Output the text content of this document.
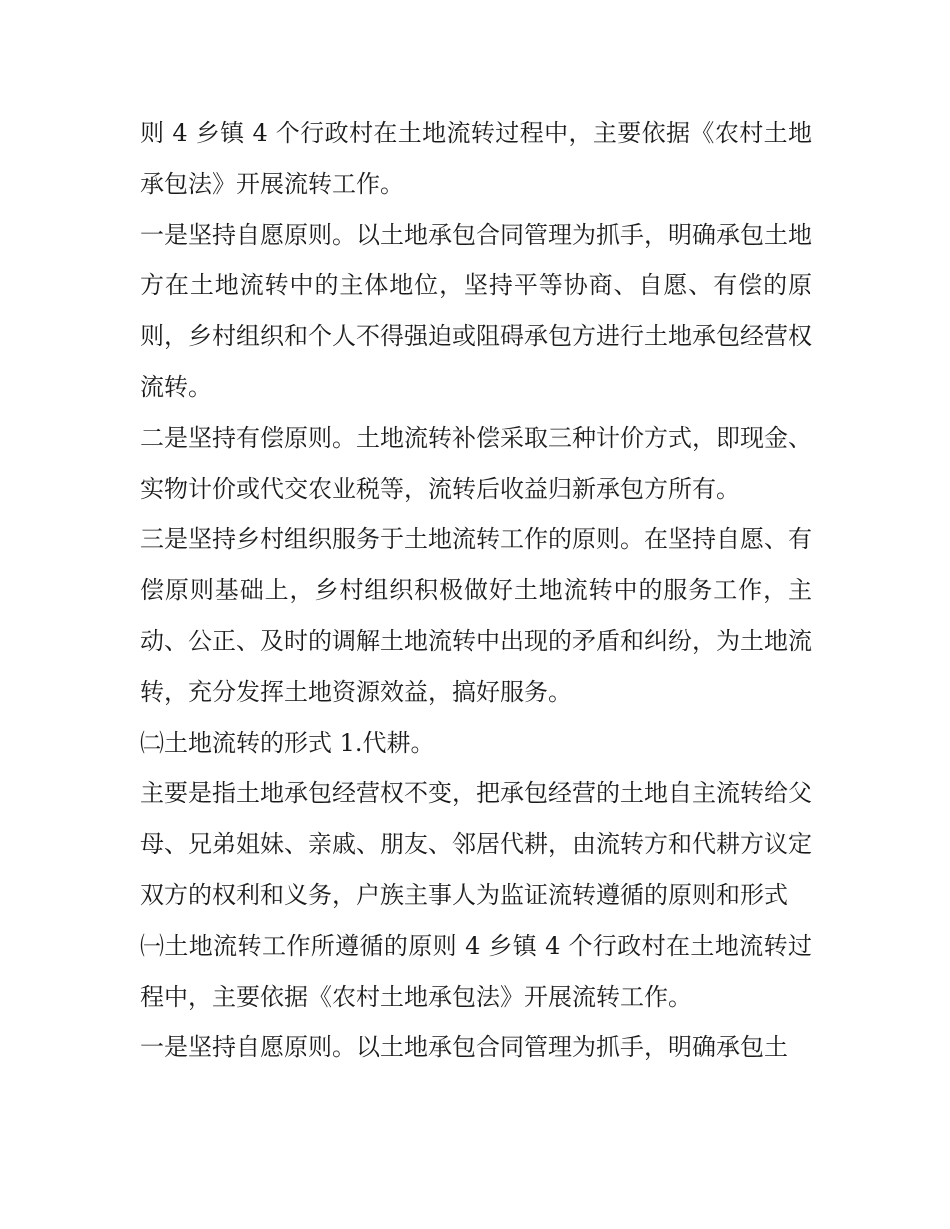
则 4 乡镇 4 个行政村在土地流转过程中，主要依据《农村土地承包法》开展流转工作。

一是坚持自愿原则。以土地承包合同管理为抓手，明确承包土地方在土地流转中的主体地位，坚持平等协商、自愿、有偿的原则，乡村组织和个人不得强迫或阻碍承包方进行土地承包经营权流转。

二是坚持有偿原则。土地流转补偿采取三种计价方式，即现金、实物计价或代交农业税等，流转后收益归新承包方所有。

三是坚持乡村组织服务于土地流转工作的原则。在坚持自愿、有偿原则基础上，乡村组织积极做好土地流转中的服务工作，主动、公正、及时的调解土地流转中出现的矛盾和纠纷，为土地流转，充分发挥土地资源效益，搞好服务。

㈡土地流转的形式 1.代耕。

主要是指土地承包经营权不变，把承包经营的土地自主流转给父母、兄弟姐妹、亲戚、朋友、邻居代耕，由流转方和代耕方议定双方的权利和义务，户族主事人为监证流转遵循的原则和形式

㈠土地流转工作所遵循的原则 4 乡镇 4 个行政村在土地流转过程中，主要依据《农村土地承包法》开展流转工作。

一是坚持自愿原则。以土地承包合同管理为抓手，明确承包土
